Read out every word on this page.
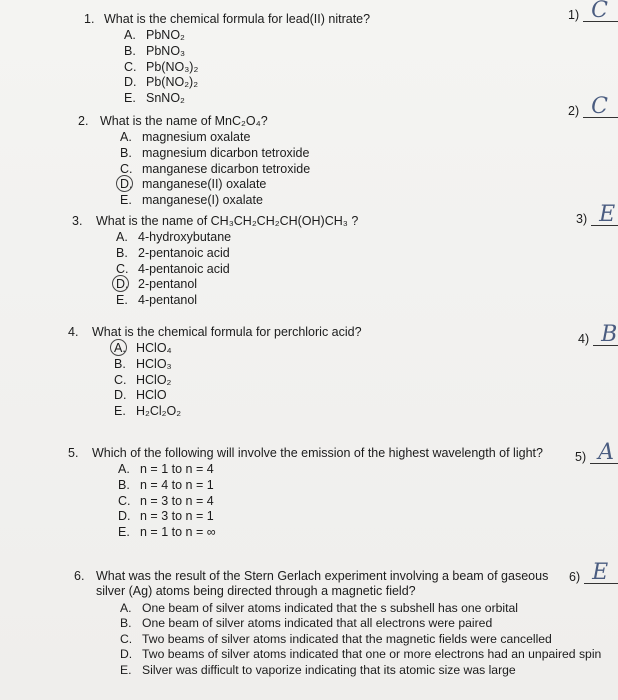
1. What is the chemical formula for lead(II) nitrate?
A. PbNO₂
B. PbNO₃
C. Pb(NO₃)₂
D. Pb(NO₂)₂
E. SnNO₂
1) C
2. What is the name of MnC₂O₄?
A. magnesium oxalate
B. magnesium dicarbon tetroxide
C. manganese dicarbon tetroxide
D. manganese(II) oxalate
E. manganese(I) oxalate
2) C
3.	What is the name of CH₃CH₂CH₂CH(OH)CH₃ ?
A. 4-hydroxybutane
B. 2-pentanoic acid
C. 4-pentanoic acid
D. 2-pentanol
E. 4-pentanol
3) E
4.	What is the chemical formula for perchloric acid?
A. HClO₄
B. HClO₃
C. HClO₂
D. HClO
E. H₂Cl₂O₂
4) B
5.	Which of the following will involve the emission of the highest wavelength of light?
A. n = 1 to n = 4
B. n = 4 to n = 1
C. n = 3 to n = 4
D. n = 3 to n = 1
E. n = 1 to n = ∞
5) A
6. What was the result of the Stern Gerlach experiment involving a beam of gaseous
silver (Ag) atoms being directed through a magnetic field?
A. One beam of silver atoms indicated that the s subshell has one orbital
B. One beam of silver atoms indicated that all electrons were paired
C. Two beams of silver atoms indicated that the magnetic fields were cancelled
D. Two beams of silver atoms indicated that one or more electrons had an unpaired spin
E. Silver was difficult to vaporize indicating that its atomic size was large
6) E
